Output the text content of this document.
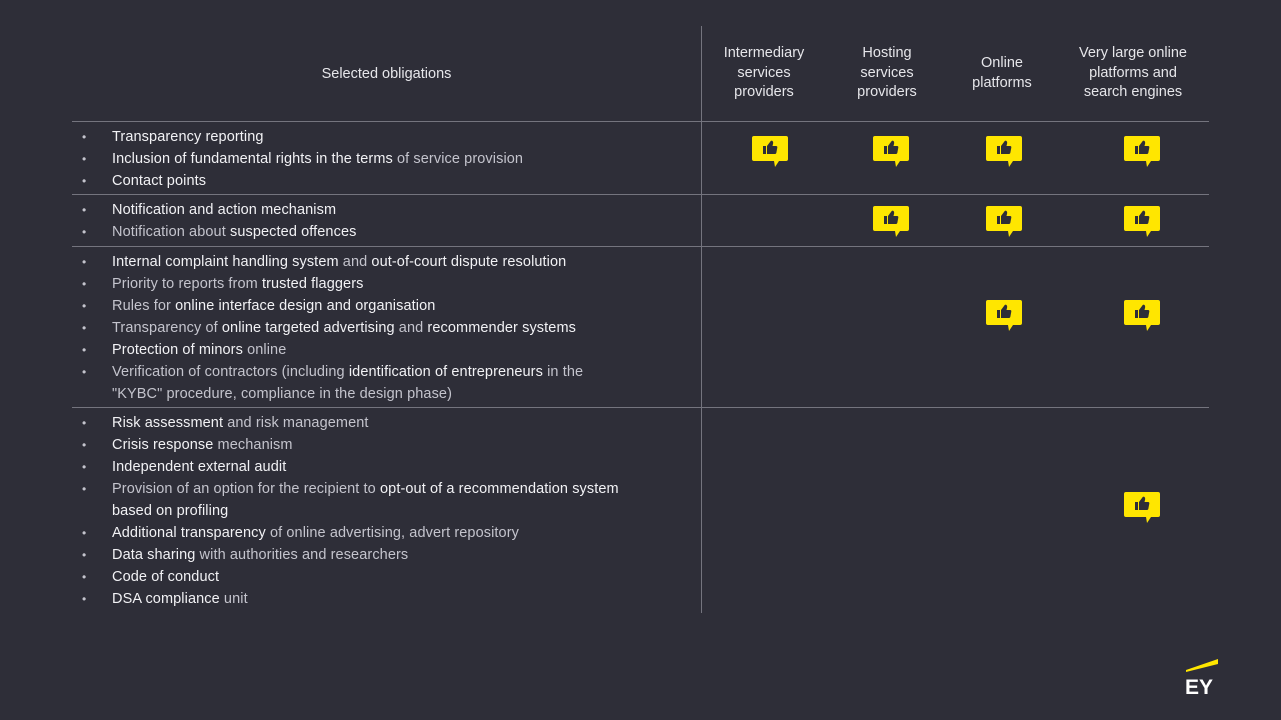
Selected obligations
Intermediary
services
providers
Hosting
services
providers
Online
platforms
Very large online
platforms and
search engines
• Transparency reporting
• Inclusion of fundamental rights in the terms of service provision
• Contact points
• Notification and action mechanism
• Notification about suspected offences
• Internal complaint handling system and out-of-court dispute resolution
• Priority to reports from trusted flaggers
• Rules for online interface design and organisation
• Transparency of online targeted advertising and recommender systems
• Protection of minors online
• Verification of contractors (including identification of entrepreneurs in the
"KYBC" procedure, compliance in the design phase)
• Risk assessment and risk management
• Crisis response mechanism
• Independent external audit
• Provision of an option for the recipient to opt-out of a recommendation system
based on profiling
• Additional transparency of online advertising, advert repository
• Data sharing with authorities and researchers
• Code of conduct
• DSA compliance unit
EY
